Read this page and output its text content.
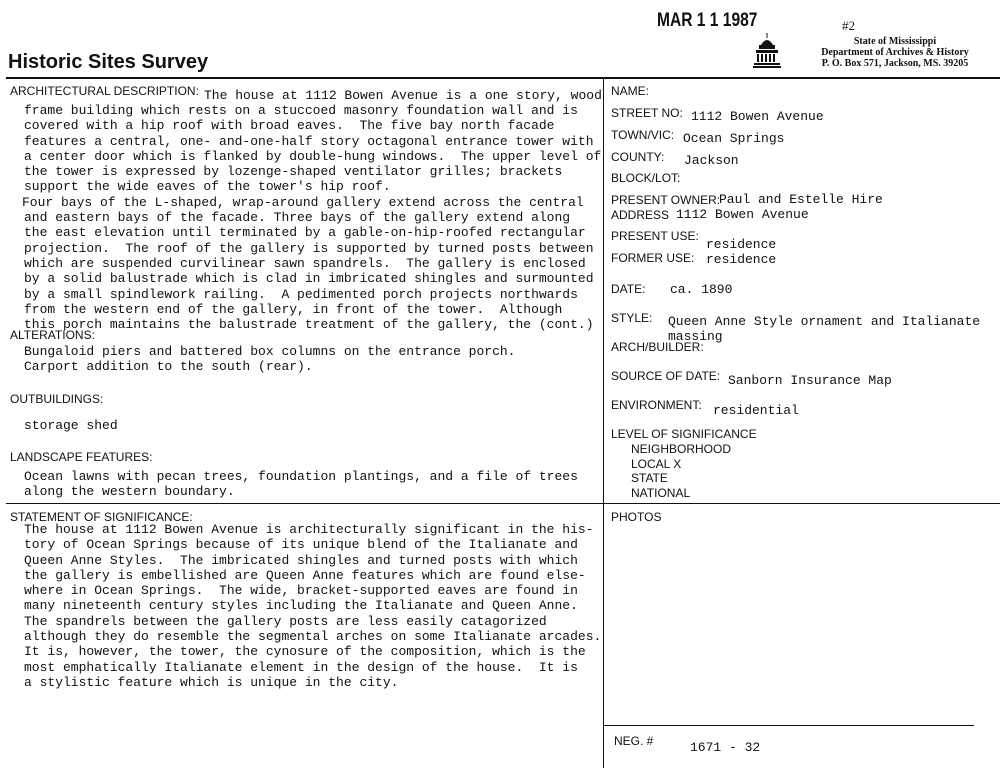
MAR 1 1 1987	#2
Historic Sites Survey
State of Mississippi
Department of Archives & History
P. O. Box 571, Jackson, MS. 39205
ARCHITECTURAL DESCRIPTION: The house at 1112 Bowen Avenue is a one story, wood
frame building which rests on a stuccoed masonry foundation wall and is
covered with a hip roof with broad eaves.  The five bay north facade
features a central, one- and-one-half story octagonal entrance tower with
a center door which is flanked by double-hung windows.  The upper level of
the tower is expressed by lozenge-shaped ventilator grilles; brackets
support the wide eaves of the tower's hip roof.
Four bays of the L-shaped, wrap-around gallery extend across the central
and eastern bays of the facade. Three bays of the gallery extend along
the east elevation until terminated by a gable-on-hip-roofed rectangular
projection.  The roof of the gallery is supported by turned posts between
which are suspended curvilinear sawn spandrels.  The gallery is enclosed
by a solid balustrade which is clad in imbricated shingles and surmounted
by a small spindlework railing.  A pedimented porch projects northwards
from the western end of the gallery, in front of the tower.  Although
this porch maintains the balustrade treatment of the gallery, the (cont.)
ALTERATIONS:
Bungaloid piers and battered box columns on the entrance porch.
Carport addition to the south (rear).
OUTBUILDINGS:
storage shed
LANDSCAPE FEATURES:
Ocean lawns with pecan trees, foundation plantings, and a file of trees
along the western boundary.
STATEMENT OF SIGNIFICANCE:
The house at 1112 Bowen Avenue is architecturally significant in the his-
tory of Ocean Springs because of its unique blend of the Italianate and
Queen Anne Styles.  The imbricated shingles and turned posts with which
the gallery is embellished are Queen Anne features which are found else-
where in Ocean Springs.  The wide, bracket-supported eaves are found in
many nineteenth century styles including the Italianate and Queen Anne.
The spandrels between the gallery posts are less easily catagorized
although they do resemble the segmental arches on some Italianate arcades.
It is, however, the tower, the cynosure of the composition, which is the
most emphatically Italianate element in the design of the house.  It is
a stylistic feature which is unique in the city.
NAME:
STREET NO: 1112 Bowen Avenue
TOWN/VIC: Ocean Springs
COUNTY: Jackson
BLOCK/LOT:
PRESENT OWNER:
Paul and Estelle Hire
ADDRESS 1112 Bowen Avenue
PRESENT USE:
residence
FORMER USE: residence
DATE: ca. 1890
STYLE: Queen Anne Style ornament and Italianate
massing
ARCH/BUILDER:
SOURCE OF DATE: Sanborn Insurance Map
ENVIRONMENT: residential
LEVEL OF SIGNIFICANCE
NEIGHBORHOOD
LOCAL X
STATE
NATIONAL
PHOTOS
NEG. #	1671 - 32
